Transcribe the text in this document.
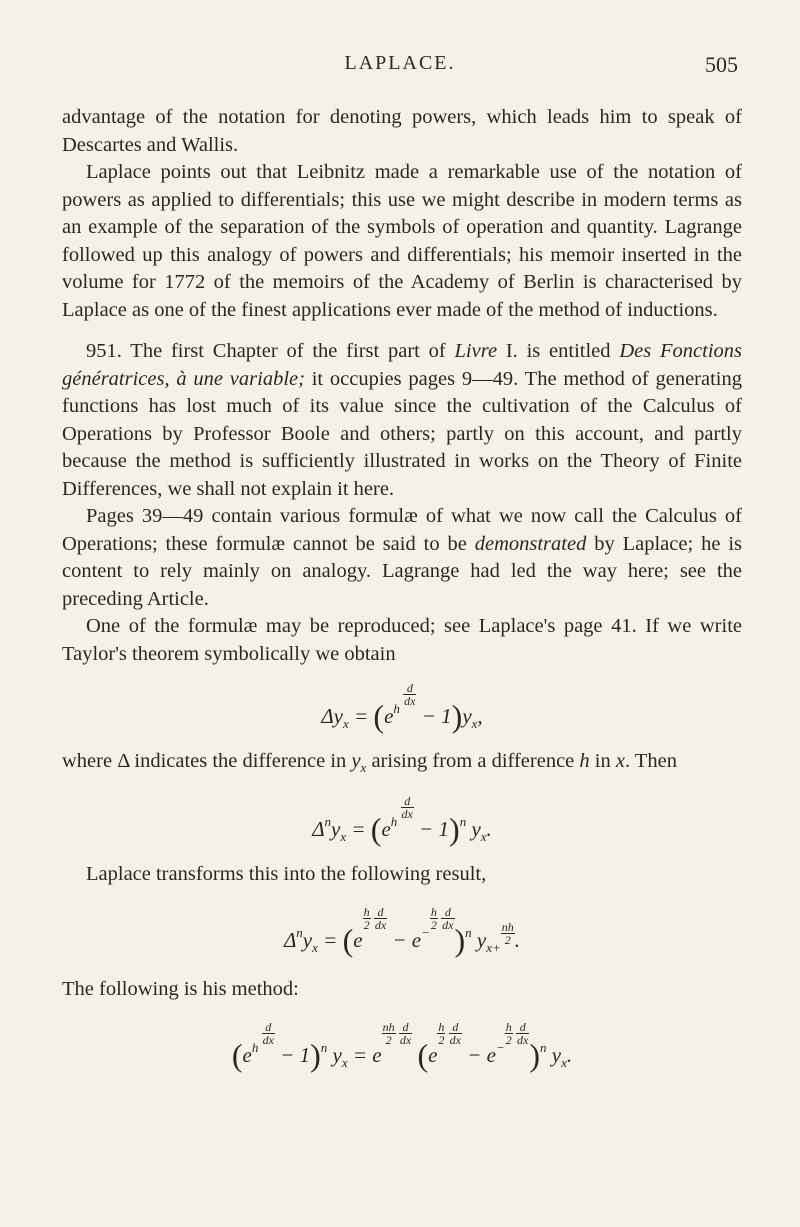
LAPLACE.	505

advantage of the notation for denoting powers, which leads him to speak of Descartes and Wallis.

Laplace points out that Leibnitz made a remarkable use of the notation of powers as applied to differentials; this use we might describe in modern terms as an example of the separation of the symbols of operation and quantity. Lagrange followed up this analogy of powers and differentials; his memoir inserted in the volume for 1772 of the memoirs of the Academy of Berlin is characterised by Laplace as one of the finest applications ever made of the method of inductions.

951. The first Chapter of the first part of Livre I. is entitled Des Fonctions génératrices, à une variable; it occupies pages 9—49. The method of generating functions has lost much of its value since the cultivation of the Calculus of Operations by Professor Boole and others; partly on this account, and partly because the method is sufficiently illustrated in works on the Theory of Finite Differences, we shall not explain it here.

Pages 39—49 contain various formulæ of what we now call the Calculus of Operations; these formulæ cannot be said to be demonstrated by Laplace; he is content to rely mainly on analogy. Lagrange had led the way here; see the preceding Article.

One of the formulæ may be reproduced; see Laplace's page 41. If we write Taylor's theorem symbolically we obtain

$\Delta y_x = (e^{h \frac{d}{dx}}$
− $1)y_x$,

where Δ indicates the difference in $y_x$ arising from a difference h in x. Then

$\Delta^ny_x = (e^{h \frac{d}{dx}}$
− 1)$^n$ $y_x$.

Laplace transforms this into the following result,

$\Delta^ny_x = (e$
$^{\frac{h}{2} \frac{d}{dx}}$
− $e^{- \frac{h}{2} \frac{d}{dx}}$
)$^n$ $y_{x+ \frac{nh}{2}}$ .

The following is his method:

($e^{h \frac{d}{dx}}$
− 1)$^n$ $y_x = e$
$^{\frac{nh}{2} \frac{d}{dx}}$
(e
$^{\frac{h}{2} \frac{d}{dx}}$
− $e^{- \frac{h}{2} \frac{d}{dx}}$
)$^n$ $y_x$.
